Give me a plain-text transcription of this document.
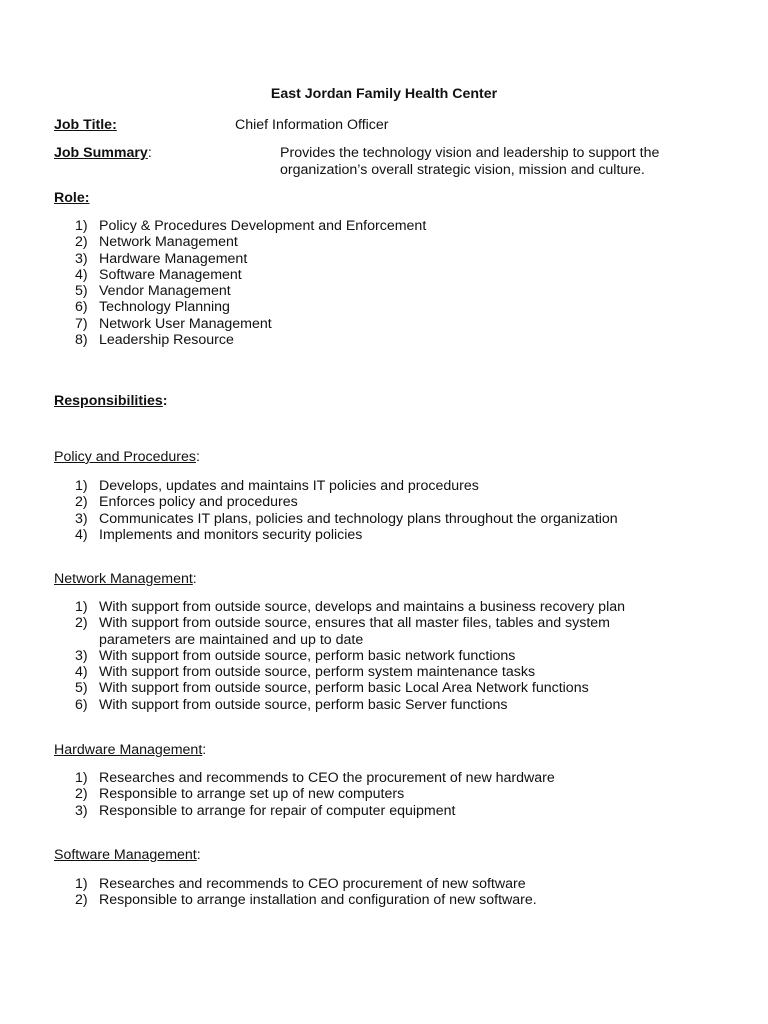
East Jordan Family Health Center
Job Title:	Chief Information Officer
Job Summary:	Provides the technology vision and leadership to support the
organization’s overall strategic vision, mission and culture.
Role:
1) Policy & Procedures Development and Enforcement
2) Network Management
3) Hardware Management
4) Software Management
5) Vendor Management
6) Technology Planning
7) Network User Management
8) Leadership Resource
Responsibilities:
Policy and Procedures:
1) Develops, updates and maintains IT policies and procedures
2) Enforces policy and procedures
3) Communicates IT plans, policies and technology plans throughout the organization
4) Implements and monitors security policies
Network Management:
1) With support from outside source, develops and maintains a business recovery plan
2) With support from outside source, ensures that all master files, tables and system parameters are maintained and up to date
3) With support from outside source, perform basic network functions
4) With support from outside source, perform system maintenance tasks
5) With support from outside source, perform basic Local Area Network functions
6) With support from outside source, perform basic Server functions
Hardware Management:
1) Researches and recommends to CEO the procurement of new hardware
2) Responsible to arrange set up of new computers
3) Responsible to arrange for repair of computer equipment
Software Management:
1) Researches and recommends to CEO procurement of new software
2) Responsible to arrange installation and configuration of new software.
